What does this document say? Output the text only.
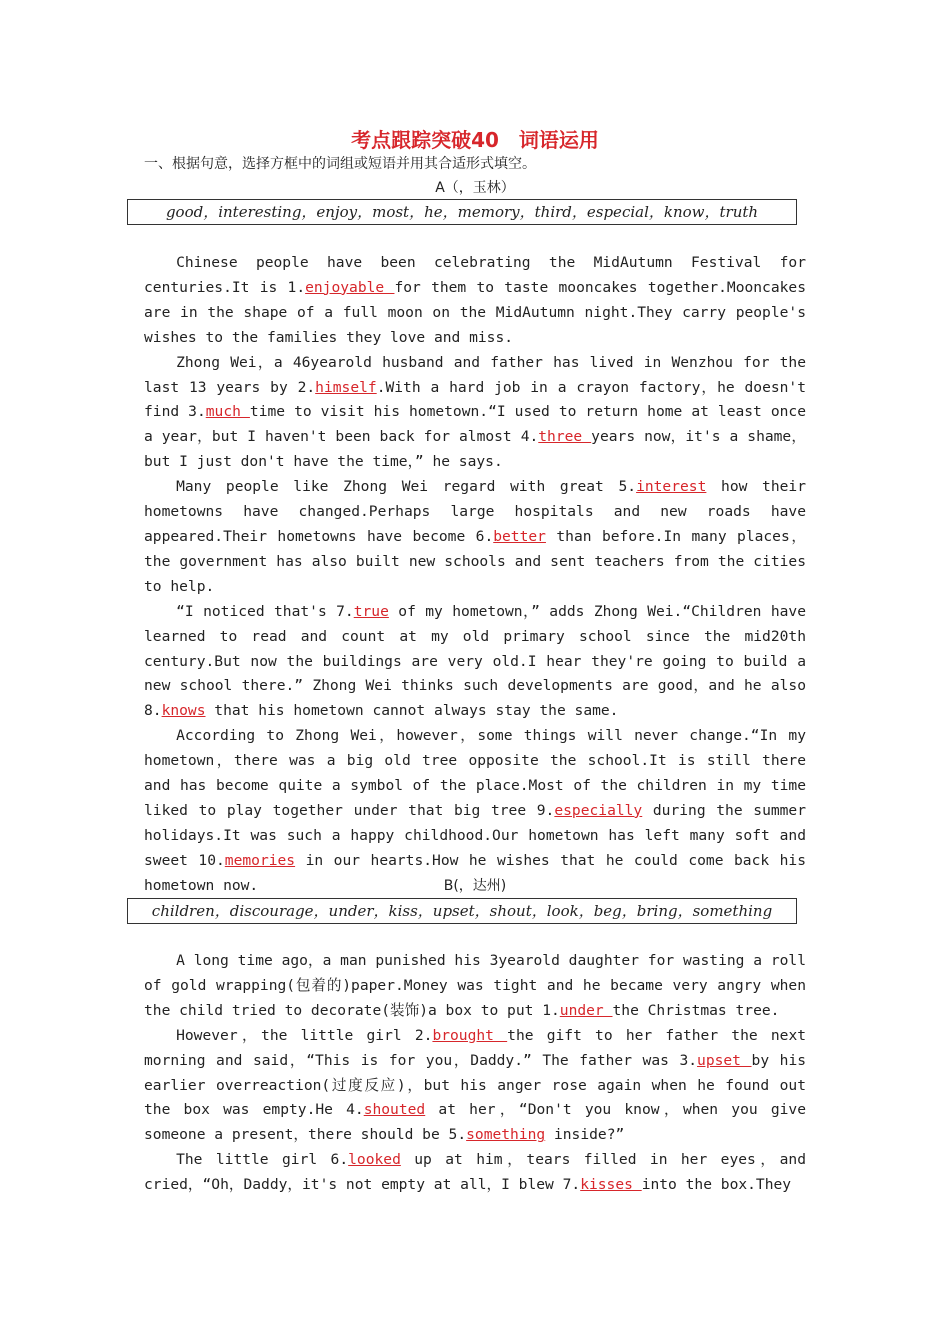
考点跟踪突破40　词语运用
一、根据句意，选择方框中的词组或短语并用其合适形式填空。
A（，玉林）
good，interesting，enjoy，most，he，memory，third，especial，know，truth

Chinese people have been celebrating the MidAutumn Festival for centuries.It is 1.enjoyable for them to taste mooncakes together.Mooncakes are in the shape of a full moon on the MidAutumn night.They carry people's wishes to the families they love and miss.

Zhong Wei，a 46yearold husband and father has lived in Wenzhou for the last 13 years by 2.himself.With a hard job in a crayon factory，he doesn't find 3.much time to visit his hometown.“I used to return home at least once a year，but I haven't been back for almost 4.three years now，it's a shame，but I just don't have the time，” he says.

Many people like Zhong Wei regard with great 5.interest how their hometowns have changed.Perhaps large hospitals and new roads have appeared.Their hometowns have become 6.better than before.In many places，the government has also built new schools and sent teachers from the cities to help.

“I noticed that's 7.true of my hometown，” adds Zhong Wei.“Children have learned to read and count at my old primary school since the mid20th century.But now the buildings are very old.I hear they're going to build a new school there.” Zhong Wei thinks such developments are good，and he also 8.knows that his hometown cannot always stay the same.

According to Zhong Wei，however，some things will never change.“In my hometown，there was a big old tree opposite the school.It is still there and has become quite a symbol of the place.Most of the children in my time liked to play together under that big tree 9.especially during the summer holidays.It was such a happy childhood.Our hometown has left many soft and sweet 10.memories in our hearts.How he wishes that he could come back his hometown now.	B(，达州)
children，discourage，under，kiss，upset，shout，look，beg，bring，something

A long time ago，a man punished his 3yearold daughter for wasting a roll of gold wrapping(包着的)paper.Money was tight and he became very angry when the child tried to decorate(装饰)a box to put 1.under the Christmas tree.

However，the little girl 2.brought the gift to her father the next morning and said，“This is for you，Daddy.” The father was 3.upset by his earlier overreaction(过度反应)，but his anger rose again when he found out the box was empty.He 4.shouted at her，“Don't you know，when you give someone a present，there should be 5.something inside?”

The little girl 6.looked up at him，tears filled in her eyes，and cried，“Oh，Daddy，it's not empty at all，I blew 7.kisses into the box.They
